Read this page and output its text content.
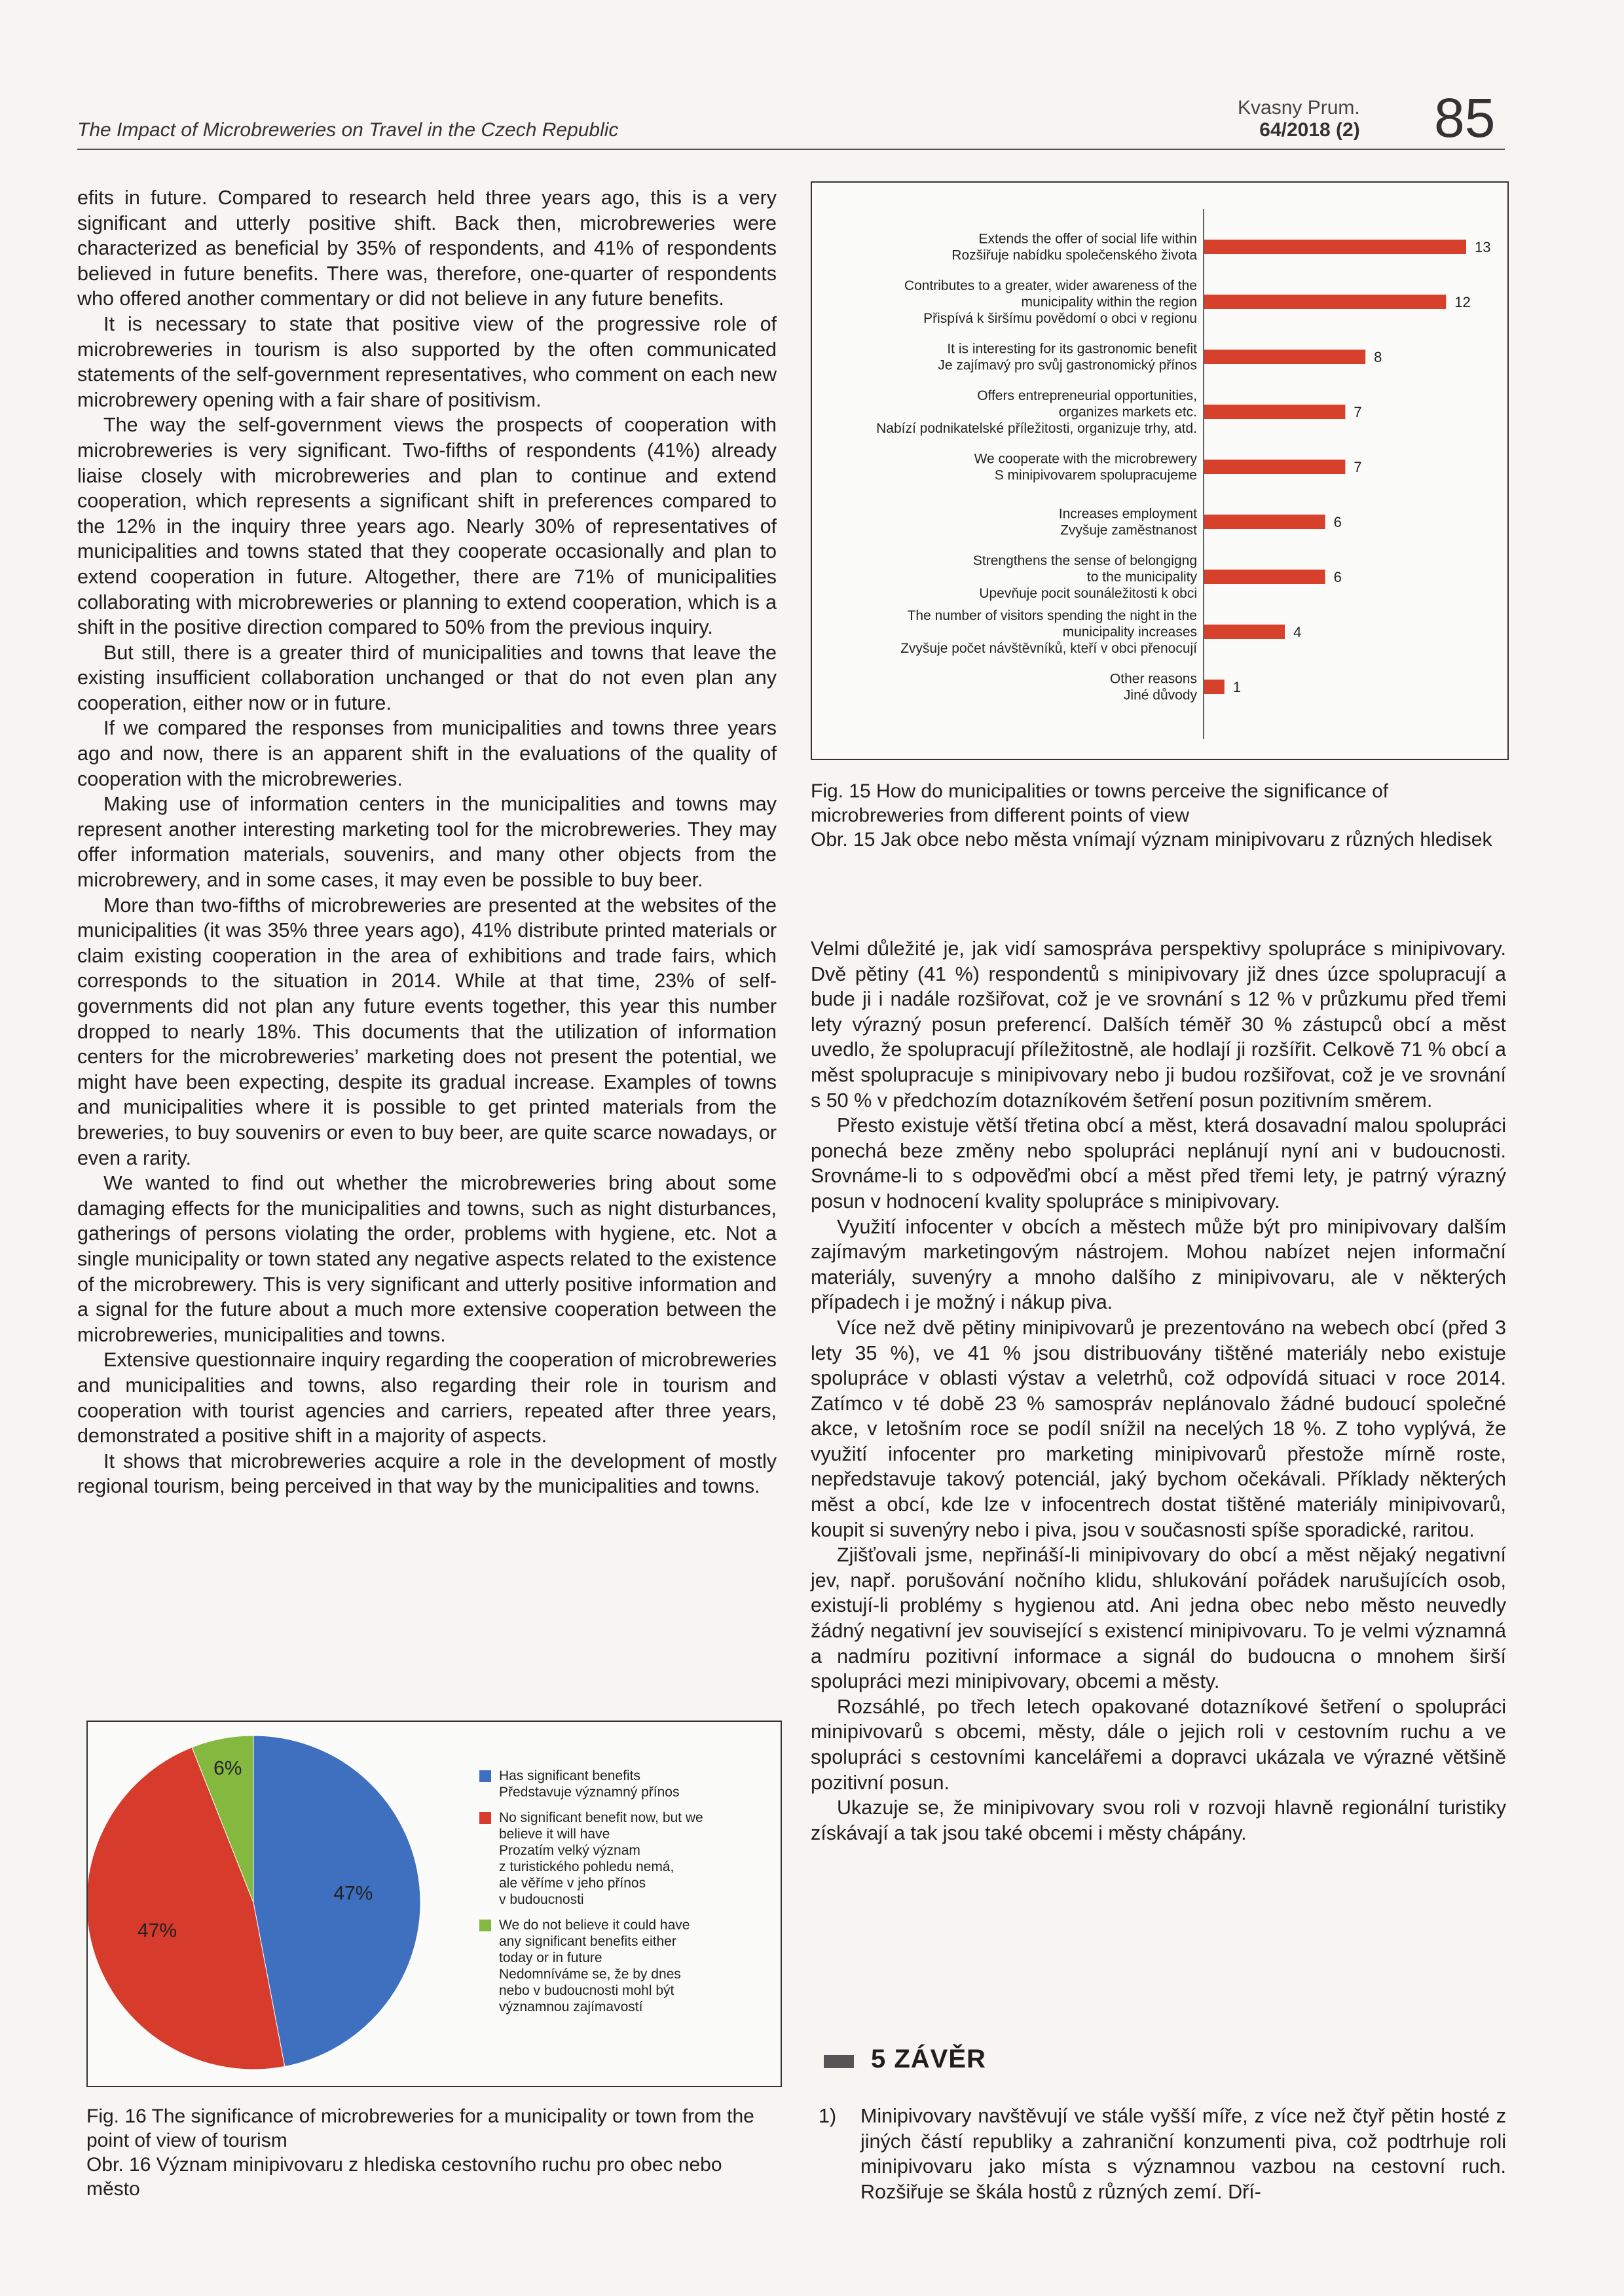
The Impact of Microbreweries on Travel in the Czech Republic
Kvasny Prum.
64/2018 (2) 85

efits in future. Compared to research held three years ago, this is a very significant and utterly positive shift. Back then, microbreweries were characterized as beneficial by 35% of respondents, and 41% of respondents believed in future benefits. There was, therefore, one-quarter of respondents who offered another commentary or did not believe in any future benefits.

It is necessary to state that positive view of the progressive role of microbreweries in tourism is also supported by the often communicated statements of the self-government representatives, who comment on each new microbrewery opening with a fair share of positivism.

The way the self-government views the prospects of cooperation with microbreweries is very significant. Two-fifths of respondents (41%) already liaise closely with microbreweries and plan to continue and extend cooperation, which represents a significant shift in preferences compared to the 12% in the inquiry three years ago. Nearly 30% of representatives of municipalities and towns stated that they cooperate occasionally and plan to extend cooperation in future. Altogether, there are 71% of municipalities collaborating with microbreweries or planning to extend cooperation, which is a shift in the positive direction compared to 50% from the previous inquiry.

But still, there is a greater third of municipalities and towns that leave the existing insufficient collaboration unchanged or that do not even plan any cooperation, either now or in future.

If we compared the responses from municipalities and towns three years ago and now, there is an apparent shift in the evaluations of the quality of cooperation with the microbreweries.

Making use of information centers in the municipalities and towns may represent another interesting marketing tool for the microbreweries. They may offer information materials, souvenirs, and many other objects from the microbrewery, and in some cases, it may even be possible to buy beer.

More than two-fifths of microbreweries are presented at the websites of the municipalities (it was 35% three years ago), 41% distribute printed materials or claim existing cooperation in the area of exhibitions and trade fairs, which corresponds to the situation in 2014. While at that time, 23% of self-governments did not plan any future events together, this year this number dropped to nearly 18%. This documents that the utilization of information centers for the microbreweries’ marketing does not present the potential, we might have been expecting, despite its gradual increase. Examples of towns and municipalities where it is possible to get printed materials from the breweries, to buy souvenirs or even to buy beer, are quite scarce nowadays, or even a rarity.

We wanted to find out whether the microbreweries bring about some damaging effects for the municipalities and towns, such as night disturbances, gatherings of persons violating the order, problems with hygiene, etc. Not a single municipality or town stated any negative aspects related to the existence of the microbrewery. This is very significant and utterly positive information and a signal for the future about a much more extensive cooperation between the microbreweries, municipalities and towns.

Extensive questionnaire inquiry regarding the cooperation of microbreweries and municipalities and towns, also regarding their role in tourism and cooperation with tourist agencies and carriers, repeated after three years, demonstrated a positive shift in a majority of aspects.

It shows that microbreweries acquire a role in the development of mostly regional tourism, being perceived in that way by the municipalities and towns.

Extends the offer of social life within Rozšiřuje nabídku společenského života	13
Contributes to a greater, wider awareness of the municipality within the region Přispívá k širšímu povědomí o obci v regionu
12
It is interesting for its gastronomic benefit Je zajímavý pro svůj gastronomický přínos	8
Offers entrepreneurial opportunities, organizes markets etc. Nabízí podnikatelské příležitosti, organizuje trhy, atd.
7
We cooperate with the microbrewery S minipivovarem spolupracujeme	7
Increases employment Zvyšuje zaměstnanost	6
Strengthens the sense of belongigng to the municipality Upevňuje pocit sounáležitosti k obci
6
The number of visitors spending the night in the municipality increases Zvyšuje počet návštěvníků, kteří v obci přenocují
4
Other reasons Jiné důvody 1
Fig. 15 How do municipalities or towns perceive the significance of microbreweries from different points of view
Obr. 15 Jak obce nebo města vnímají význam minipivovaru z různých hledisek
47%
47%
6%	Has significant benefits
Představuje významný přínos
No significant benefit now, but we
believe it will have
Prozatím velký význam
z turistického pohledu nemá,
ale věříme v jeho přínos
v budoucnosti
We do not believe it could have
any significant benefits either
today or in future
Nedomníváme se, že by dnes
nebo v budoucnosti mohl být
významnou zajímavostí
Fig. 16 The significance of microbreweries for a municipality or town from the point of view of tourism
Obr. 16 Význam minipivovaru z hlediska cestovního ruchu pro obec nebo město

Velmi důležité je, jak vidí samospráva perspektivy spolupráce s minipivovary. Dvě pětiny (41 %) respondentů s minipivovary již dnes úzce spolupracují a bude ji i nadále rozšiřovat, což je ve srovnání s 12 % v průzkumu před třemi lety výrazný posun preferencí. Dalších téměř 30 % zástupců obcí a měst uvedlo, že spolupracují příležitostně, ale hodlají ji rozšířit. Celkově 71 % obcí a měst spolupracuje s minipivovary nebo ji budou rozšiřovat, což je ve srovnání s 50 % v předchozím dotazníkovém šetření posun pozitivním směrem.

Přesto existuje větší třetina obcí a měst, která dosavadní malou spolupráci ponechá beze změny nebo spolupráci neplánují nyní ani v budoucnosti. Srovnáme-li to s odpověďmi obcí a měst před třemi lety, je patrný výrazný posun v hodnocení kvality spolupráce s minipivovary.

Využití infocenter v obcích a městech může být pro minipivovary dalším zajímavým marketingovým nástrojem. Mohou nabízet nejen informační materiály, suvenýry a mnoho dalšího z minipivovaru, ale v některých případech i je možný i nákup piva.

Více než dvě pětiny minipivovarů je prezentováno na webech obcí (před 3 lety 35 %), ve 41 % jsou distribuovány tištěné materiály nebo existuje spolupráce v oblasti výstav a veletrhů, což odpovídá situaci v roce 2014. Zatímco v té době 23 % samospráv neplánovalo žádné budoucí společné akce, v letošním roce se podíl snížil na necelých 18 %. Z toho vyplývá, že využití infocenter pro marketing minipivovarů přestože mírně roste, nepředstavuje takový potenciál, jaký bychom očekávali. Příklady některých měst a obcí, kde lze v infocentrech dostat tištěné materiály minipivovarů, koupit si suvenýry nebo i piva, jsou v současnosti spíše sporadické, raritou.

Zjišťovali jsme, nepřináší-li minipivovary do obcí a měst nějaký negativní jev, např. porušování nočního klidu, shlukování pořádek narušujících osob, existují-li problémy s hygienou atd. Ani jedna obec nebo město neuvedly žádný negativní jev související s existencí minipivovaru. To je velmi významná a nadmíru pozitivní informace a signál do budoucna o mnohem širší spolupráci mezi minipivovary, obcemi a městy.

Rozsáhlé, po třech letech opakované dotazníkové šetření o spolupráci minipivovarů s obcemi, městy, dále o jejich roli v cestovním ruchu a ve spolupráci s cestovními kancelářemi a dopravci ukázala ve výrazné většině pozitivní posun.

Ukazuje se, že minipivovary svou roli v rozvoji hlavně regionální turistiky získávají a tak jsou také obcemi i městy chápány.

5 ZÁVĚR
1) Minipivovary navštěvují ve stále vyšší míře, z více než čtyř pětin hosté z jiných částí republiky a zahraniční konzumenti piva, což podtrhuje roli minipivovaru jako místa s významnou vazbou na cestovní ruch. Rozšiřuje se škála hostů z různých zemí. Dří-
